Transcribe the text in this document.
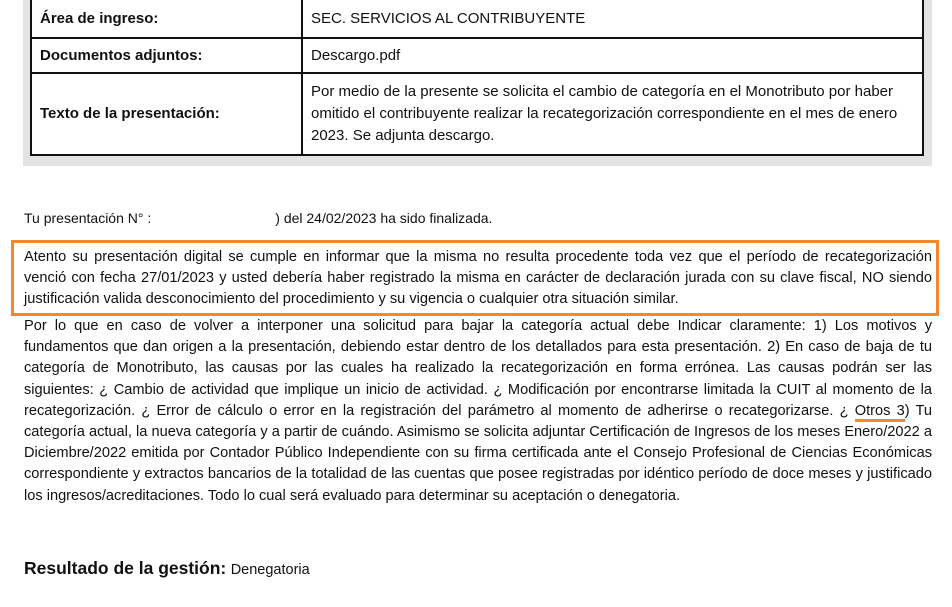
Área de ingreso:	SEC. SERVICIOS AL CONTRIBUYENTE
Documentos adjuntos:	Descargo.pdf
Texto de la presentación:	Por medio de la presente se solicita el cambio de categoría en el Monotributo por haber omitido el contribuyente realizar la recategorización correspondiente en el mes de enero 2023. Se adjunta descargo.
Tu presentación N° :	) del 24/02/2023 ha sido finalizada.
Atento su presentación digital se cumple en informar que la misma no resulta procedente toda vez que el período de recategorización venció con fecha 27/01/2023 y usted debería haber registrado la misma en carácter de declaración jurada con su clave fiscal, NO siendo justificación valida desconocimiento del procedimiento y su vigencia o cualquier otra situación similar.
Por lo que en caso de volver a interponer una solicitud para bajar la categoría actual debe Indicar claramente: 1) Los motivos y fundamentos que dan origen a la presentación, debiendo estar dentro de los detallados para esta presentación. 2) En caso de baja de tu categoría de Monotributo, las causas por las cuales ha realizado la recategorización en forma errónea. Las causas podrán ser las siguientes: ¿ Cambio de actividad que implique un inicio de actividad. ¿ Modificación por encontrarse limitada la CUIT al momento de la recategorización. ¿ Error de cálculo o error en la registración del parámetro al momento de adherirse o recategorizarse. ¿ Otros 3) Tu categoría actual, la nueva categoría y a partir de cuándo. Asimismo se solicita adjuntar Certificación de Ingresos de los meses Enero/2022 a Diciembre/2022 emitida por Contador Público Independiente con su firma certificada ante el Consejo Profesional de Ciencias Económicas correspondiente y extractos bancarios de la totalidad de las cuentas que posee registradas por idéntico período de doce meses y justificado los ingresos/acreditaciones. Todo lo cual será evaluado para determinar su aceptación o denegatoria.
Resultado de la gestión: Denegatoria
